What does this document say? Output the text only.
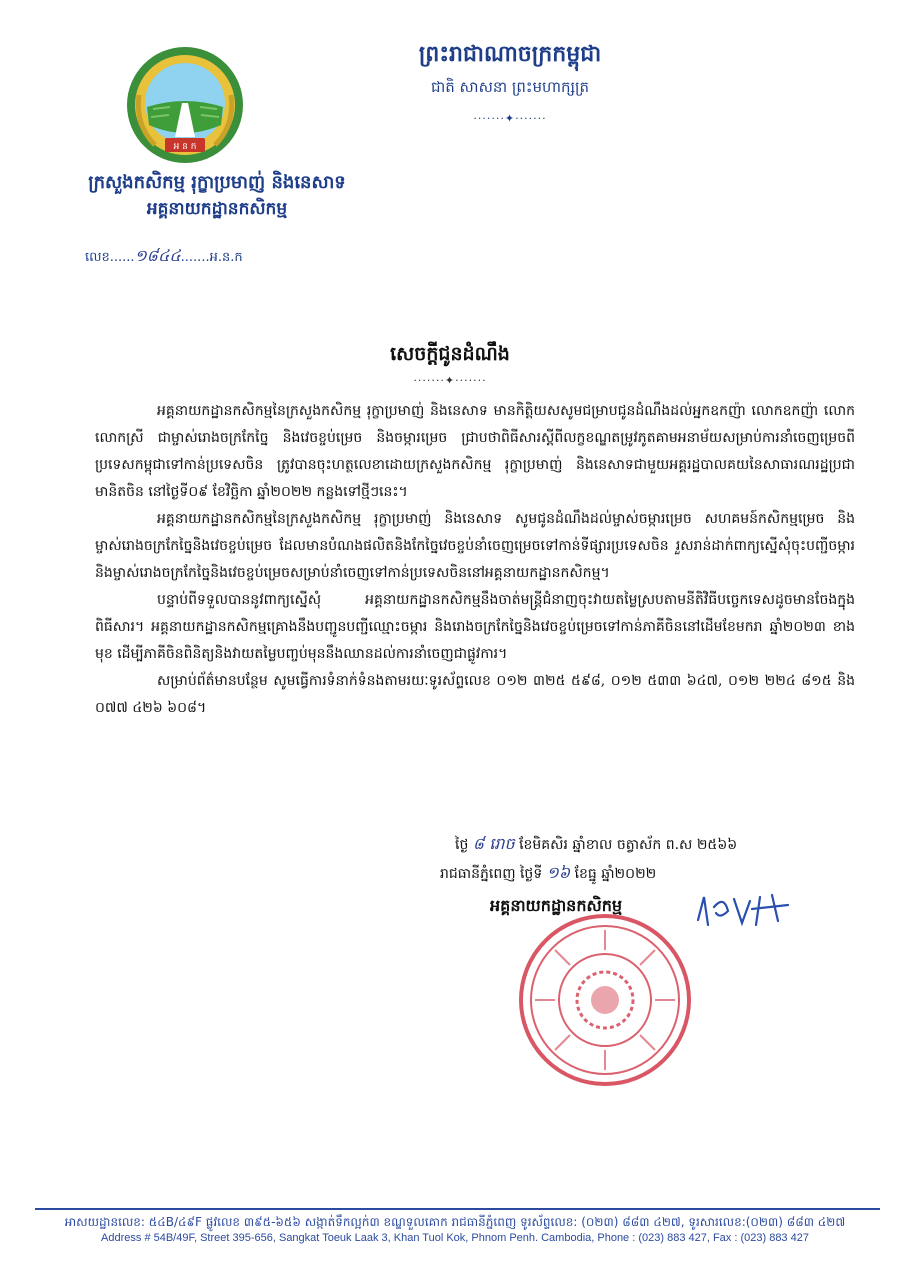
អ ន ក
ព្រះរាជាណាចក្រកម្ពុជា
ជាតិ សាសនា ព្រះមហាក្សត្រ
·······✦·······
ក្រសួងកសិកម្ម រុក្ខាប្រមាញ់ និងនេសាទ
អគ្គនាយកដ្ឋានកសិកម្ម
លេខ......១៨៤៤.......អ.ន.ក
សេចក្តីជូនដំណឹង
·······✦·······

អគ្គនាយកដ្ឋានកសិកម្មនៃក្រសួងកសិកម្ម រុក្ខាប្រមាញ់ និងនេសាទ មានកិត្តិយសសូមជម្រាបជូនដំណឹងដល់អ្នកឧកញ៉ា លោកឧកញ៉ា លោក លោកស្រី ជាម្ចាស់រោងចក្រកែច្នៃ និងវេចខ្ចប់ម្រេច និងចម្ការម្រេច ជ្រាបថាពិធីសារស្តីពីលក្ខខណ្ឌតម្រូវភូតគាមអនាម័យសម្រាប់ការនាំចេញម្រេចពីប្រទេសកម្ពុជាទៅកាន់ប្រទេសចិន ត្រូវបានចុះហត្ថលេខាដោយក្រសួងកសិកម្ម រុក្ខាប្រមាញ់ និងនេសាទជាមួយអគ្គរដ្ឋបាលគយនៃសាធារណរដ្ឋប្រជាមានិតចិន នៅថ្ងៃទី០៩ ខែវិច្ឆិកា ឆ្នាំ២០២២ កន្លងទៅថ្មីៗនេះ។

អគ្គនាយកដ្ឋានកសិកម្មនៃក្រសួងកសិកម្ម រុក្ខាប្រមាញ់ និងនេសាទ សូមជូនដំណឹងដល់ម្ចាស់ចម្ការម្រេច សហគមន៍កសិកម្មម្រេច និងម្ចាស់រោងចក្រកែច្នៃនិងវេចខ្ចប់ម្រេច ដែលមានបំណងផលិតនិងកែច្នៃវេចខ្ចប់នាំចេញម្រេចទៅកាន់ទីផ្សារប្រទេសចិន រួសរាន់ដាក់ពាក្យស្នើសុំចុះបញ្ជីចម្ការ និងម្ចាស់រោងចក្រកែច្នៃនិងវេចខ្ចប់ម្រេចសម្រាប់នាំចេញទៅកាន់ប្រទេសចិននៅអគ្គនាយកដ្ឋានកសិកម្ម។

បន្ទាប់ពីទទួលបាននូវពាក្យស្នើសុំ អគ្គនាយកដ្ឋានកសិកម្មនឹងចាត់មន្ត្រីជំនាញចុះវាយតម្លៃស្របតាមនីតិវិធីបច្ចេកទេសដូចមានចែងក្នុងពិធីសារ។ អគ្គនាយកដ្ឋានកសិកម្មគ្រោងនឹងបញ្ជូនបញ្ជីឈ្មោះចម្ការ និងរោងចក្រកែច្នៃនិងវេចខ្ចប់ម្រេចទៅកាន់ភាគីចិននៅដើមខែមករា ឆ្នាំ២០២៣ ខាងមុខ ដើម្បីភាគីចិនពិនិត្យនិងវាយតម្លៃបញ្ចប់មុននឹងឈានដល់ការនាំចេញជាផ្លូវការ។

សម្រាប់ព័ត៌មានបន្ថែម សូមធ្វើការទំនាក់ទំនងតាមរយៈទូរស័ព្ទលេខ ០១២ ៣២៥ ៥៩៨, ០១២ ៥៣៣ ៦៤៧, ០១២ ២២៤ ៨១៥ និង ០៧៧ ៤២៦ ៦០៨។

ថ្ងៃ ៨ រោច ខែមិគសិរ ឆ្នាំខាល ចត្វាស័ក ព.ស ២៥៦៦
រាជធានីភ្នំពេញ ថ្ងៃទី ១៦ ខែធ្នូ ឆ្នាំ២០២២
អគ្គនាយកដ្ឋានកសិកម្ម
អាសយដ្ឋានលេខ: ៥៤B/៤៩F ផ្លូវលេខ ៣៩៥-៦៥៦ សង្កាត់ទឹកល្អក់៣ ខណ្ឌទួលគោក រាជធានីភ្នំពេញ ទូរស័ព្ទលេខ: (០២៣) ៨៨៣ ៤២៧, ទូរសារលេខ:(០២៣) ៨៨៣ ៤២៧
Address # 54B/49F, Street 395-656, Sangkat Toeuk Laak 3, Khan Tuol Kok, Phnom Penh. Cambodia, Phone : (023) 883 427, Fax : (023) 883 427
